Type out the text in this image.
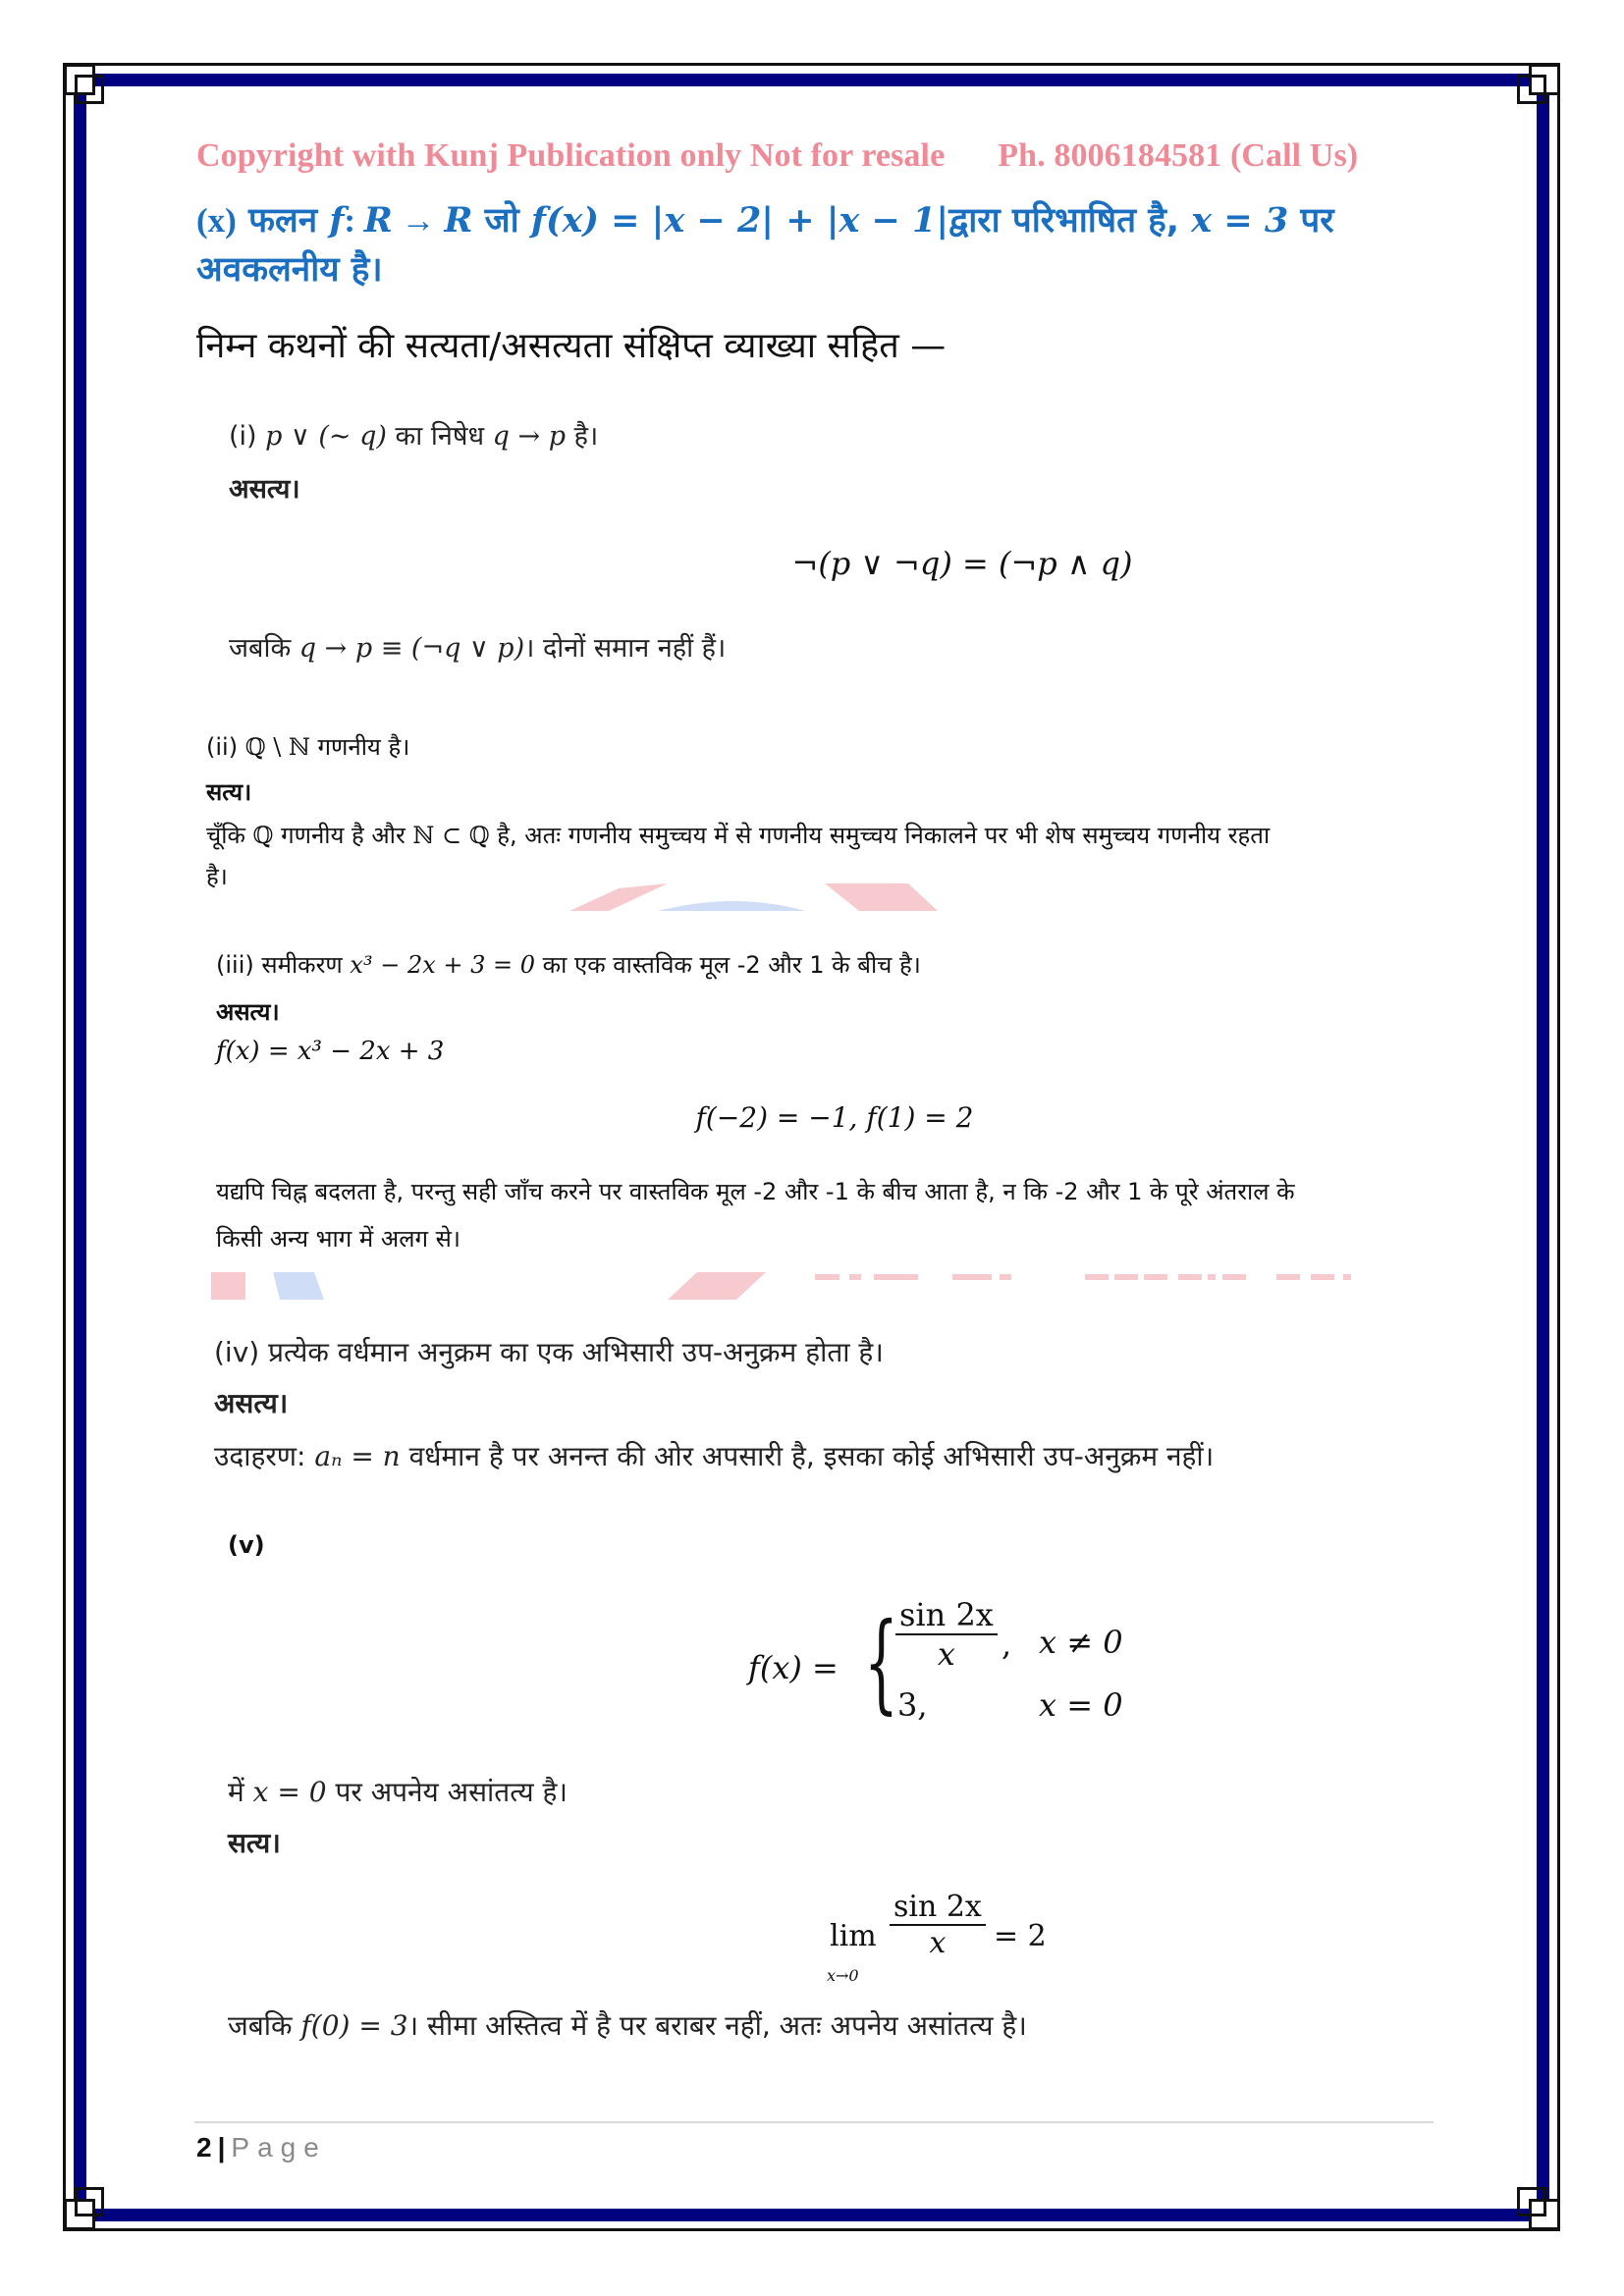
Copyright with Kunj Publication only Not for resale Ph. 8006184581 (Call Us)
(x) फलन f: R → R जो f(x) = |x − 2| + |x − 1|द्वारा परिभाषित है, x = 3 पर
अवकलनीय है।
निम्न कथनों की सत्यता/असत्यता संक्षिप्त व्याख्या सहित —
(i) p ∨ (∼ q) का निषेध q → p है।
असत्य।
¬(p ∨ ¬q) = (¬p ∧ q)
जबकि q → p ≡ (¬q ∨ p)। दोनों समान नहीं हैं।
(ii) ℚ \ ℕ गणनीय है।
सत्य।
चूँकि ℚ गणनीय है और ℕ ⊂ ℚ है, अतः गणनीय समुच्चय में से गणनीय समुच्चय निकालने पर भी शेष समुच्चय गणनीय रहता
है।
(iii) समीकरण x³ − 2x + 3 = 0 का एक वास्तविक मूल -2 और 1 के बीच है।
असत्य।
f(x) = x³ − 2x + 3
f(−2) = −1, f(1) = 2
यद्यपि चिह्न बदलता है, परन्तु सही जाँच करने पर वास्तविक मूल -2 और -1 के बीच आता है, न कि -2 और 1 के पूरे अंतराल के
किसी अन्य भाग में अलग से।
(iv) प्रत्येक वर्धमान अनुक्रम का एक अभिसारी उप-अनुक्रम होता है।
असत्य।
उदाहरण: aₙ = n वर्धमान है पर अनन्त की ओर अपसारी है, इसका कोई अभिसारी उप-अनुक्रम नहीं।
(v)
f(x) = {
$\frac{\sin 2x}{x}$ , x ≠ 0
3,	x = 0
में x = 0 पर अपनेय असांतत्य है।
सत्य।
lim
x→0
$\frac{\sin 2x}{x} = 2$
जबकि f(0) = 3। सीमा अस्तित्व में है पर बराबर नहीं, अतः अपनेय असांतत्य है।
2 | Page
